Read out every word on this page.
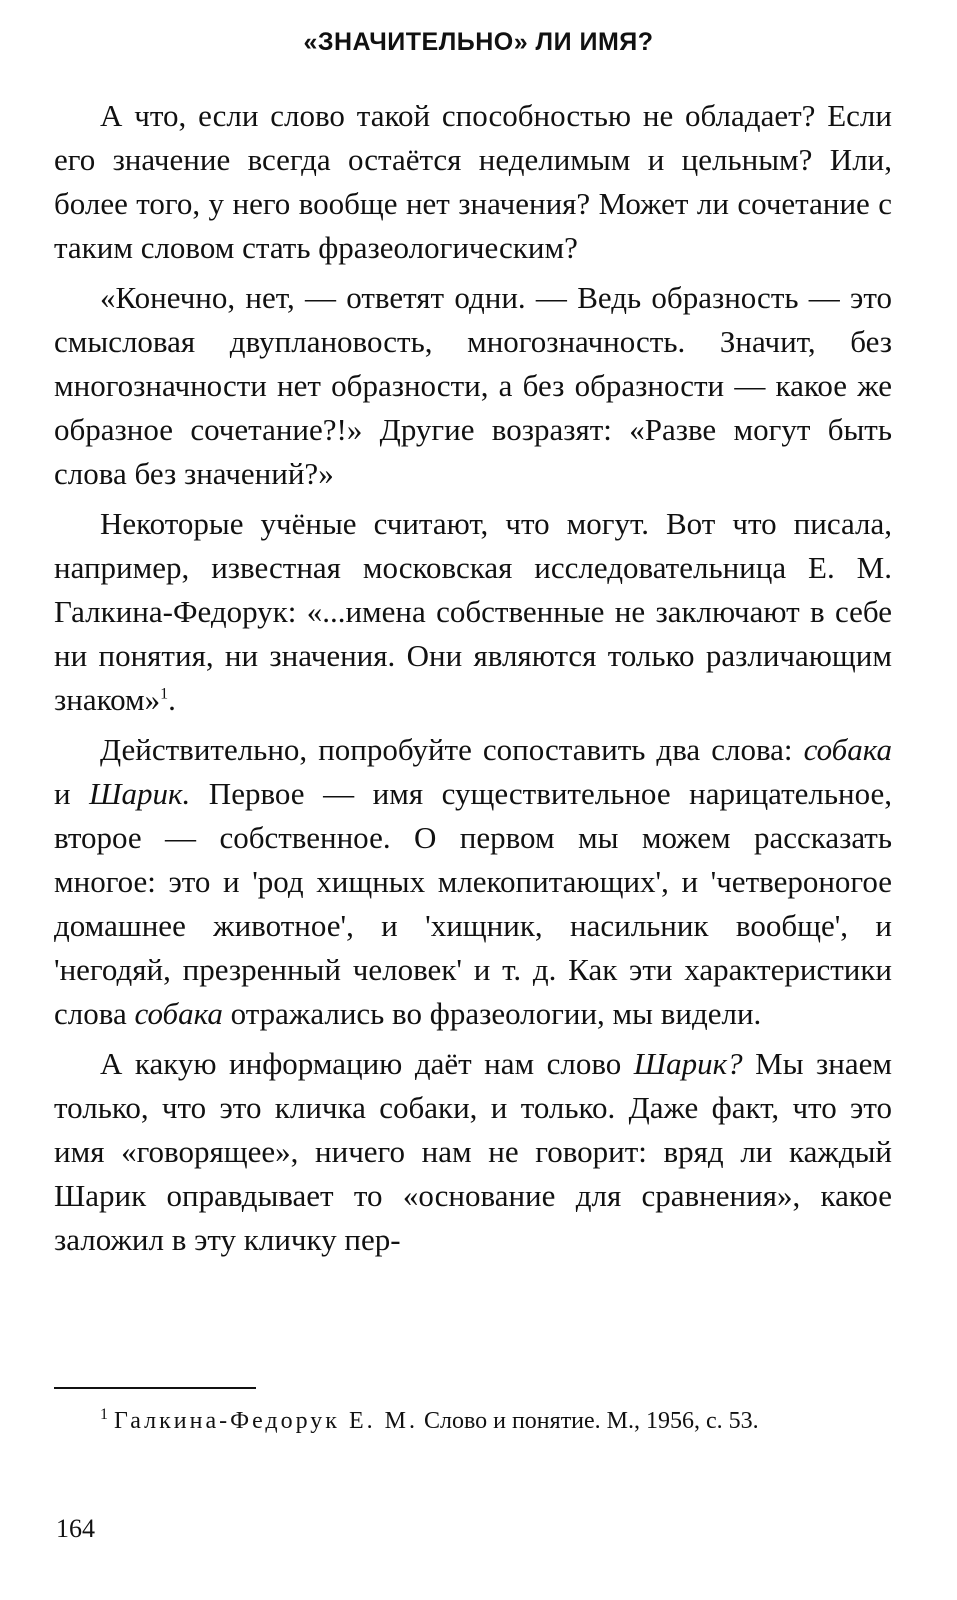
«ЗНАЧИТЕЛЬНО» ЛИ ИМЯ?

А что, если слово такой способностью не обладает? Если его значение всегда остаётся неделимым и цельным? Или, более того, у него вообще нет значения? Может ли сочетание с таким словом стать фразеологическим?

«Конечно, нет, — ответят одни. — Ведь образность — это смысловая двуплановость, многозначность. Значит, без многозначности нет образности, а без образности — какое же образное сочетание?!» Другие возразят: «Разве могут быть слова без значений?»

Некоторые учёные считают, что могут. Вот что писала, например, известная московская исследовательница Е. М. Галкина-Федорук: «...имена собственные не заключают в себе ни понятия, ни значения. Они являются только различающим знаком»$^1$.

Действительно, попробуйте сопоставить два слова: собака и Шарик. Первое — имя существительное нарицательное, второе — собственное. О первом мы можем рассказать многое: это и 'род хищных млекопитающих', и 'четвероногое домашнее животное', и 'хищник, насильник вообще', и 'негодяй, презренный человек' и т. д. Как эти характеристики слова собака отражались во фразеологии, мы видели.

А какую информацию даёт нам слово Шарик? Мы знаем только, что это кличка собаки, и только. Даже факт, что это имя «говорящее», ничего нам не говорит: вряд ли каждый Шарик оправдывает то «основание для сравнения», какое заложил в эту кличку пер-

$^1$ Галкина-Федорук Е. М. Слово и понятие. М., 1956, с. 53.
164
